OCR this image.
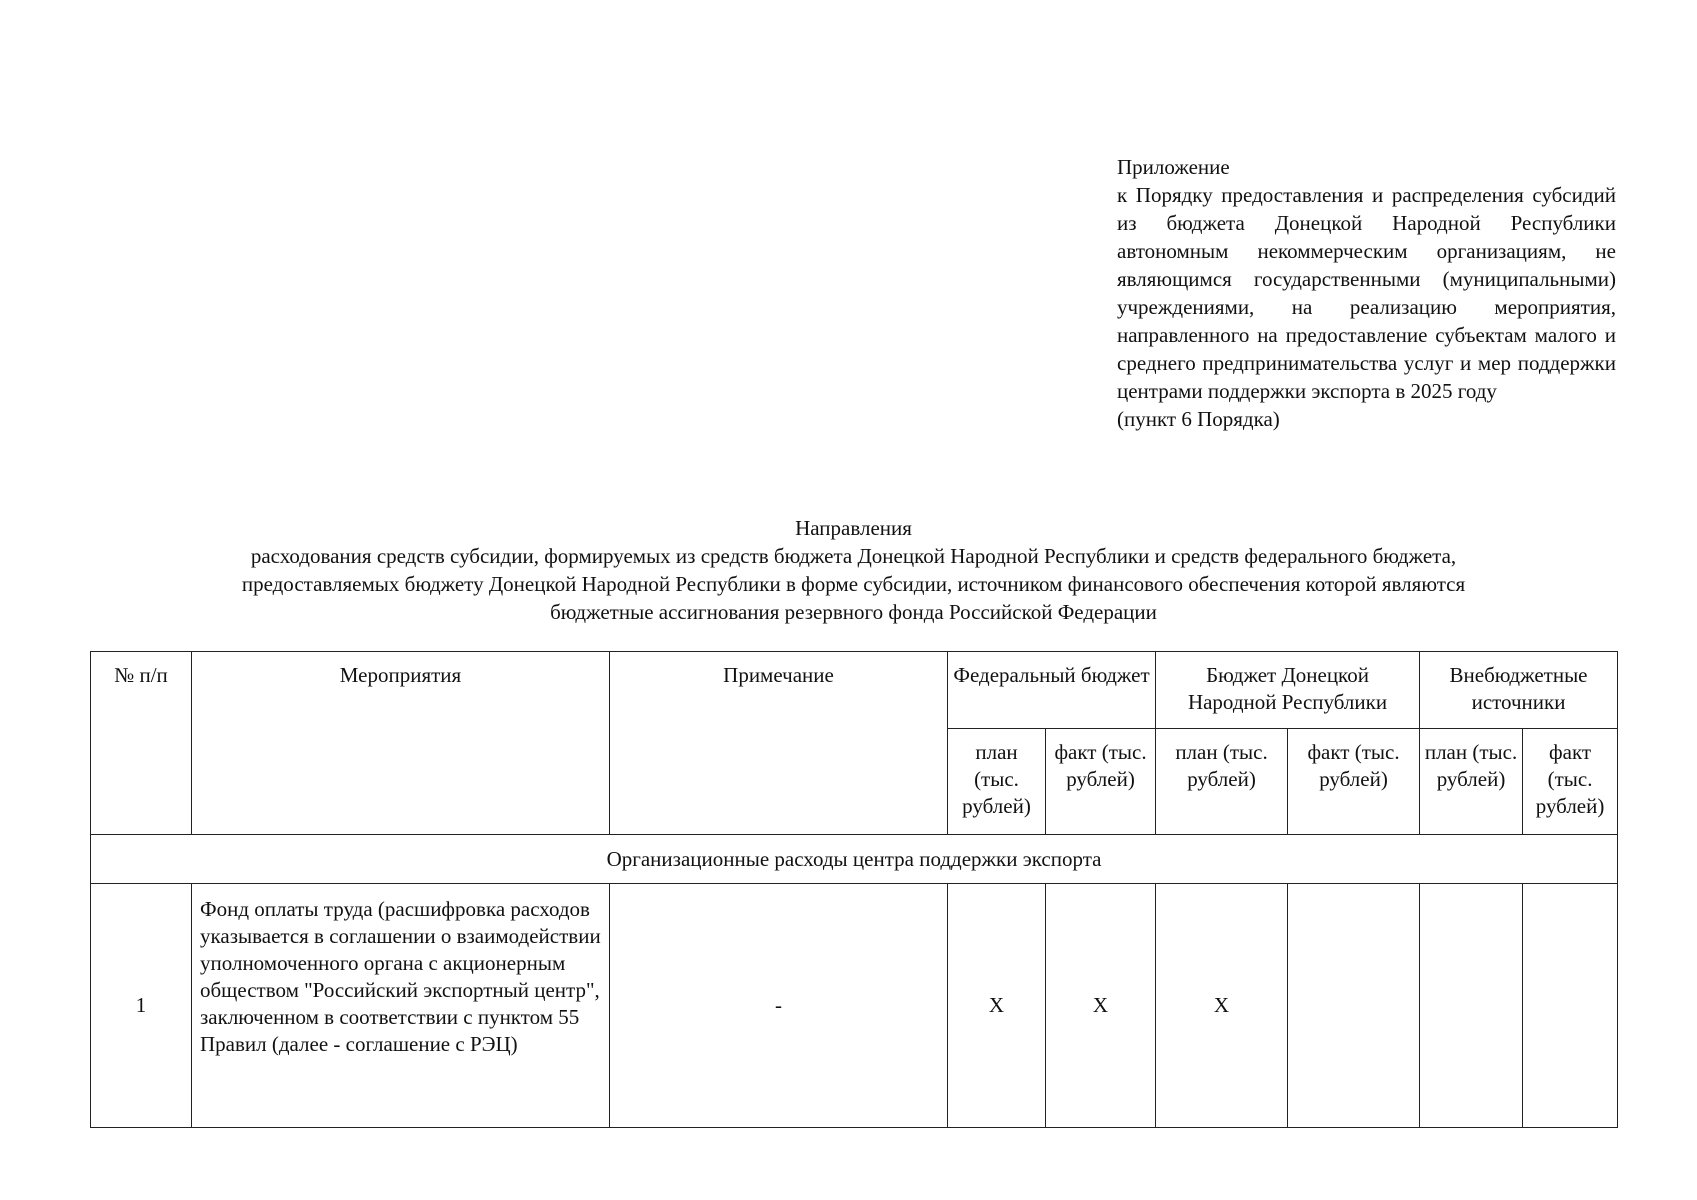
Приложение
к Порядку предоставления и распределения субсидий из бюджета Донецкой Народной Республики автономным некоммерческим организациям, не являющимся государственными (муниципальными) учреждениями, на реализацию мероприятия, направленного на предоставление субъектам малого и среднего предпринимательства услуг и мер поддержки центрами поддержки экспорта в 2025 году
(пункт 6 Порядка)
Направления
расходования средств субсидии, формируемых из средств бюджета Донецкой Народной Республики и средств федерального бюджета,
предоставляемых бюджету Донецкой Народной Республики в форме субсидии, источником финансового обеспечения которой являются
бюджетные ассигнования резервного фонда Российской Федерации
№ п/п	Мероприятия	Примечание	Федеральный бюджет		Бюджет Донецкой Народной Республики		Внебюджетные источники	
			план (тыс. рублей)	факт (тыс. рублей)	план (тыс. рублей)	факт (тыс. рублей)	план (тыс. рублей)	факт (тыс. рублей)
Организационные расходы центра поддержки экспорта								
1	Фонд оплаты труда (расшифровка расходов указывается в соглашении о взаимодействии уполномоченного органа с акционерным обществом "Российский экспортный центр", заключенном в соответствии с пунктом 55 Правил (далее - соглашение с РЭЦ)	-	X	X	X			
